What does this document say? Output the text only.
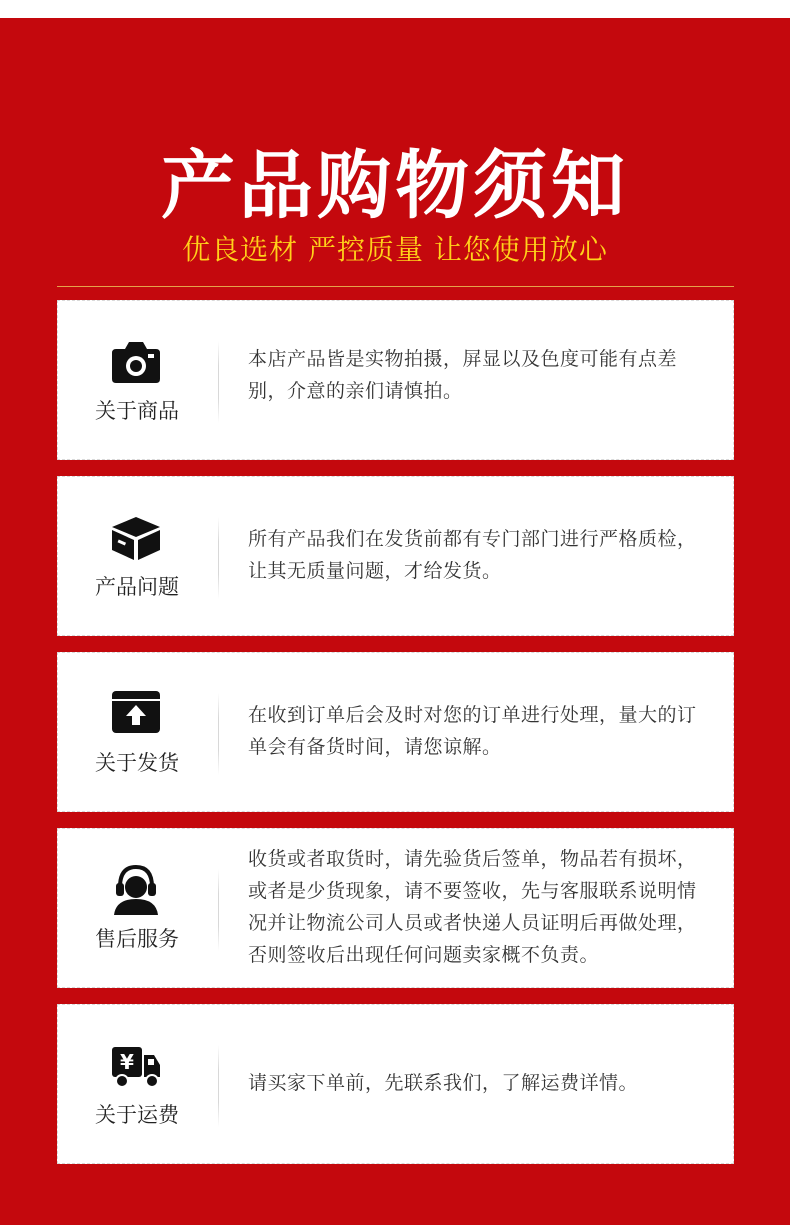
产品购物须知
优良选材 严控质量 让您使用放心
关于商品
本店产品皆是实物拍摄，屏显以及色度可能有点差别，介意的亲们请慎拍。
产品问题
所有产品我们在发货前都有专门部门进行严格质检，让其无质量问题，才给发货。
关于发货
在收到订单后会及时对您的订单进行处理，量大的订单会有备货时间，请您谅解。
售后服务
收货或者取货时，请先验货后签单，物品若有损坏，或者是少货现象，请不要签收，先与客服联系说明情况并让物流公司人员或者快递人员证明后再做处理，否则签收后出现任何问题卖家概不负责。
¥
关于运费
请买家下单前，先联系我们，了解运费详情。
